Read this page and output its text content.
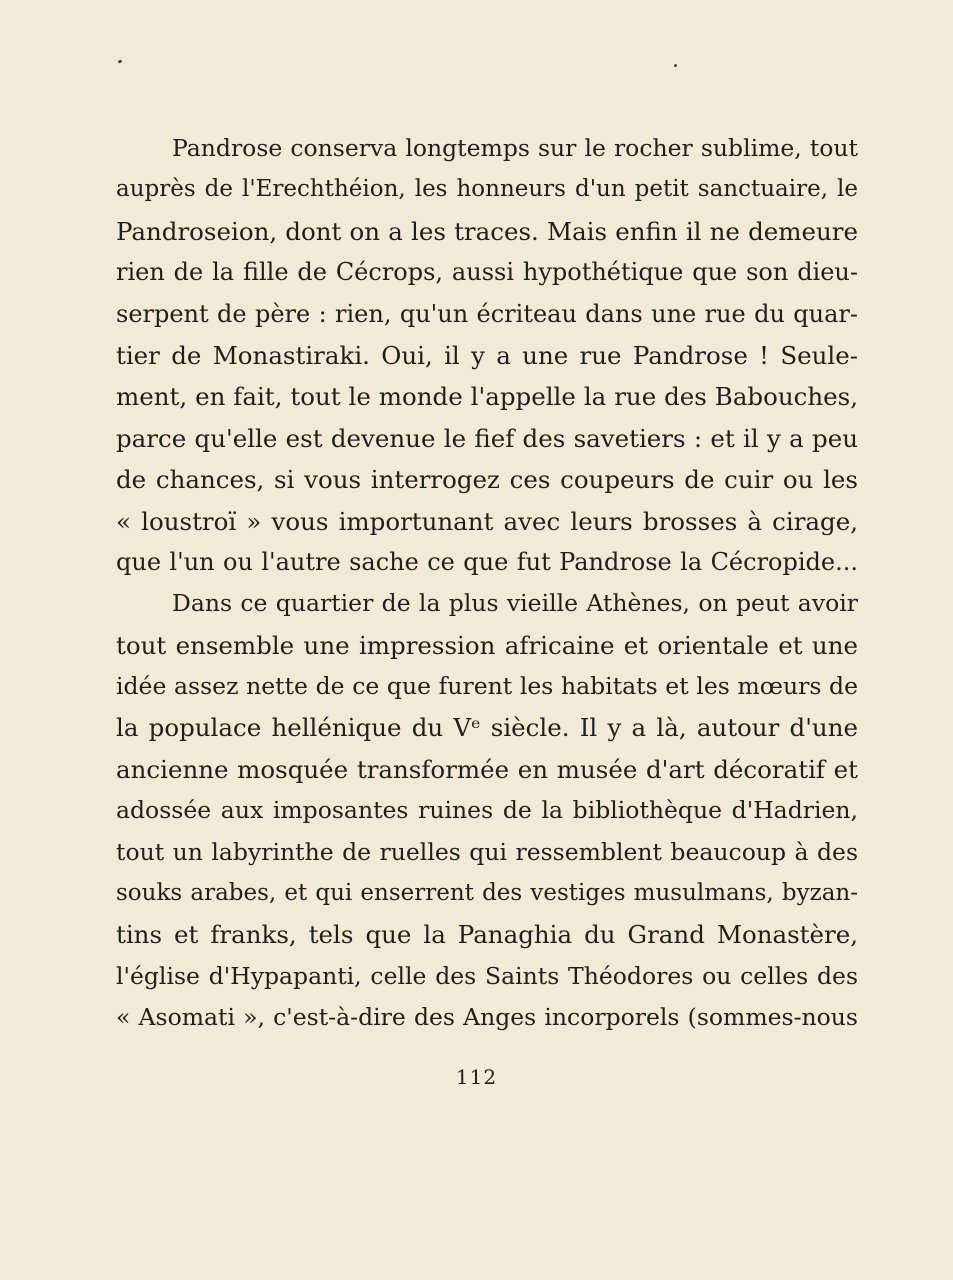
Pandrose conserva longtemps sur le rocher sublime, tout
auprès de l'Erechthéion, les honneurs d'un petit sanctuaire, le
Pandroseion, dont on a les traces. Mais enfin il ne demeure
rien de la fille de Cécrops, aussi hypothétique que son dieu-
serpent de père : rien, qu'un écriteau dans une rue du quar-
tier de Monastiraki. Oui, il y a une rue Pandrose ! Seule-
ment, en fait, tout le monde l'appelle la rue des Babouches,
parce qu'elle est devenue le fief des savetiers : et il y a peu
de chances, si vous interrogez ces coupeurs de cuir ou les
« loustroï » vous importunant avec leurs brosses à cirage,
que l'un ou l'autre sache ce que fut Pandrose la Cécropide...
Dans ce quartier de la plus vieille Athènes, on peut avoir
tout ensemble une impression africaine et orientale et une
idée assez nette de ce que furent les habitats et les mœurs de
la populace hellénique du Vᵉ siècle. Il y a là, autour d'une
ancienne mosquée transformée en musée d'art décoratif et
adossée aux imposantes ruines de la bibliothèque d'Hadrien,
tout un labyrinthe de ruelles qui ressemblent beaucoup à des
souks arabes, et qui enserrent des vestiges musulmans, byzan-
tins et franks, tels que la Panaghia du Grand Monastère,
l'église d'Hypapanti, celle des Saints Théodores ou celles des
« Asomati », c'est-à-dire des Anges incorporels (sommes-nous
112
